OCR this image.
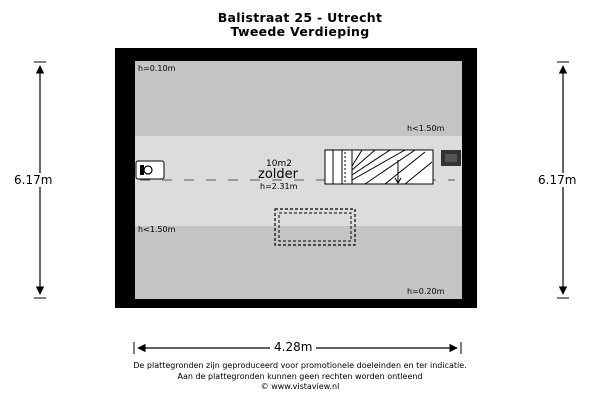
Balistraat 25 - Utrecht
Tweede Verdieping
6.17m	6.17m
4.28m
h=0.10m
h<1.50m
h<1.50m
h=0.20m
10m2
zolder
h=2.31m
De plattegronden zijn geproduceerd voor promotionele doeleinden en ter indicatie.
Aan de plattegronden kunnen geen rechten worden ontleend
© www.vistaview.nl
